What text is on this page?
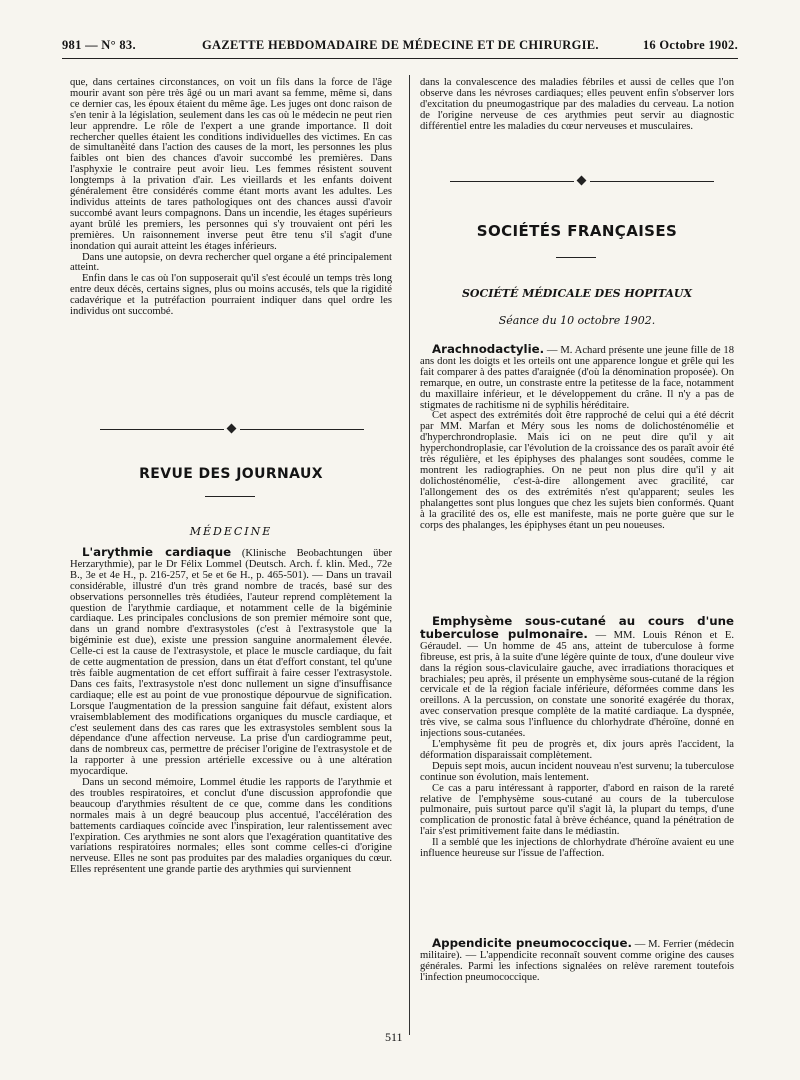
981 — N° 83.	GAZETTE HEBDOMADAIRE DE MÉDECINE ET DE CHIRURGIE.	16 Octobre 1902.

que, dans certaines circonstances, on voit un fils dans la force de l'âge mourir avant son père très âgé ou un mari avant sa femme, même si, dans ce dernier cas, les époux étaient du même âge. Les juges ont donc raison de s'en tenir à la législation, seulement dans les cas où le médecin ne peut rien leur apprendre. Le rôle de l'expert a une grande importance. Il doit rechercher quelles étaient les conditions individuelles des victimes. En cas de simultanéité dans l'action des causes de la mort, les personnes les plus faibles ont bien des chances d'avoir succombé les premières. Dans l'asphyxie le contraire peut avoir lieu. Les femmes résistent souvent longtemps à la privation d'air. Les vieillards et les enfants doivent généralement être considérés comme étant morts avant les adultes. Les individus atteints de tares pathologiques ont des chances aussi d'avoir succombé avant leurs compagnons. Dans un incendie, les étages supérieurs ayant brûlé les premiers, les personnes qui s'y trouvaient ont péri les premières. Un raisonnement inverse peut être tenu s'il s'agit d'une inondation qui aurait atteint les étages inférieurs.

Dans une autopsie, on devra rechercher quel organe a été principalement atteint.

Enfin dans le cas où l'on supposerait qu'il s'est écoulé un temps très long entre deux décès, certains signes, plus ou moins accusés, tels que la rigidité cadavérique et la putréfaction pourraient indiquer dans quel ordre les individus ont succombé.

REVUE DES JOURNAUX
MÉDECINE

L'arythmie cardiaque (Klinische Beobachtungen über Herzarythmie), par le Dr Félix Lommel (Deutsch. Arch. f. klin. Med., 72e B., 3e et 4e H., p. 216-257, et 5e et 6e H., p. 465-501). — Dans un travail considérable, illustré d'un très grand nombre de tracés, basé sur des observations personnelles très étudiées, l'auteur reprend complètement la question de l'arythmie cardiaque, et notamment celle de la bigéminie cardiaque. Les principales conclusions de son premier mémoire sont que, dans un grand nombre d'extrasystoles (c'est à l'extrasystole que la bigéminie est due), existe une pression sanguine anormalement élevée. Celle-ci est la cause de l'extrasystole, et place le muscle cardiaque, du fait de cette augmentation de pression, dans un état d'effort constant, tel qu'une très faible augmentation de cet effort suffirait à faire cesser l'extrasystole. Dans ces faits, l'extrasystole n'est donc nullement un signe d'insuffisance cardiaque; elle est au point de vue pronostique dépourvue de signification. Lorsque l'augmentation de la pression sanguine fait défaut, existent alors vraisemblablement des modifications organiques du muscle cardiaque, et c'est seulement dans des cas rares que les extrasystoles semblent sous la dépendance d'une affection nerveuse. La prise d'un cardiogramme peut, dans de nombreux cas, permettre de préciser l'origine de l'extrasystole et de la rapporter à une pression artérielle excessive ou à une altération myocardique.

Dans un second mémoire, Lommel étudie les rapports de l'arythmie et des troubles respiratoires, et conclut d'une discussion approfondie que beaucoup d'arythmies résultent de ce que, comme dans les conditions normales mais à un degré beaucoup plus accentué, l'accélération des battements cardiaques coïncide avec l'inspiration, leur ralentissement avec l'expiration. Ces arythmies ne sont alors que l'exagération quantitative des variations respiratoires normales; elles sont comme celles-ci d'origine nerveuse. Elles ne sont pas produites par des maladies organiques du cœur. Elles représentent une grande partie des arythmies qui surviennent

dans la convalescence des maladies fébriles et aussi de celles que l'on observe dans les névroses cardiaques; elles peuvent enfin s'observer lors d'excitation du pneumogastrique par des maladies du cerveau. La notion de l'origine nerveuse de ces arythmies peut servir au diagnostic différentiel entre les maladies du cœur nerveuses et musculaires.

SOCIÉTÉS FRANÇAISES
SOCIÉTÉ MÉDICALE DES HOPITAUX
Séance du 10 octobre 1902.

Arachnodactylie. — M. Achard présente une jeune fille de 18 ans dont les doigts et les orteils ont une apparence longue et grêle qui les fait comparer à des pattes d'araignée (d'où la dénomination proposée). On remarque, en outre, un constraste entre la petitesse de la face, notamment du maxillaire inférieur, et le développement du crâne. Il n'y a pas de stigmates de rachitisme ni de syphilis héréditaire.

Cet aspect des extrémités doit être rapproché de celui qui a été décrit par MM. Marfan et Méry sous les noms de dolichosténomélie et d'hyperchrondroplasie. Mais ici on ne peut dire qu'il y ait hyperchondroplasie, car l'évolution de la croissance des os paraît avoir été très régulière, et les épiphyses des phalanges sont soudées, comme le montrent les radiographies. On ne peut non plus dire qu'il y ait dolichosténomélie, c'est-à-dire allongement avec gracilité, car l'allongement des os des extrémités n'est qu'apparent; seules les phalangettes sont plus longues que chez les sujets bien conformés. Quant à la gracilité des os, elle est manifeste, mais ne porte guère que sur le corps des phalanges, les épiphyses étant un peu noueuses.

Emphysème sous-cutané au cours d'une tuberculose pulmonaire. — MM. Louis Rénon et E. Géraudel. — Un homme de 45 ans, atteint de tuberculose à forme fibreuse, est pris, à la suite d'une légère quinte de toux, d'une douleur vive dans la région sous-claviculaire gauche, avec irradiations thoraciques et brachiales; peu après, il présente un emphysème sous-cutané de la région cervicale et de la région faciale inférieure, déformées comme dans les oreillons. A la percussion, on constate une sonorité exagérée du thorax, avec conservation presque complète de la matité cardiaque. La dyspnée, très vive, se calma sous l'influence du chlorhydrate d'héroïne, donné en injections sous-cutanées.

L'emphysème fit peu de progrès et, dix jours après l'accident, la déformation disparaissait complètement.

Depuis sept mois, aucun incident nouveau n'est survenu; la tuberculose continue son évolution, mais lentement.

Ce cas a paru intéressant à rapporter, d'abord en raison de la rareté relative de l'emphysème sous-cutané au cours de la tuberculose pulmonaire, puis surtout parce qu'il s'agit là, la plupart du temps, d'une complication de pronostic fatal à brève échéance, quand la pénétration de l'air s'est primitivement faite dans le médiastin.

Il a semblé que les injections de chlorhydrate d'héroïne avaient eu une influence heureuse sur l'issue de l'affection.

Appendicite pneumococcique. — M. Ferrier (médecin militaire). — L'appendicite reconnaît souvent comme origine des causes générales. Parmi les infections signalées on relève rarement toutefois l'infection pneumococcique.

511
